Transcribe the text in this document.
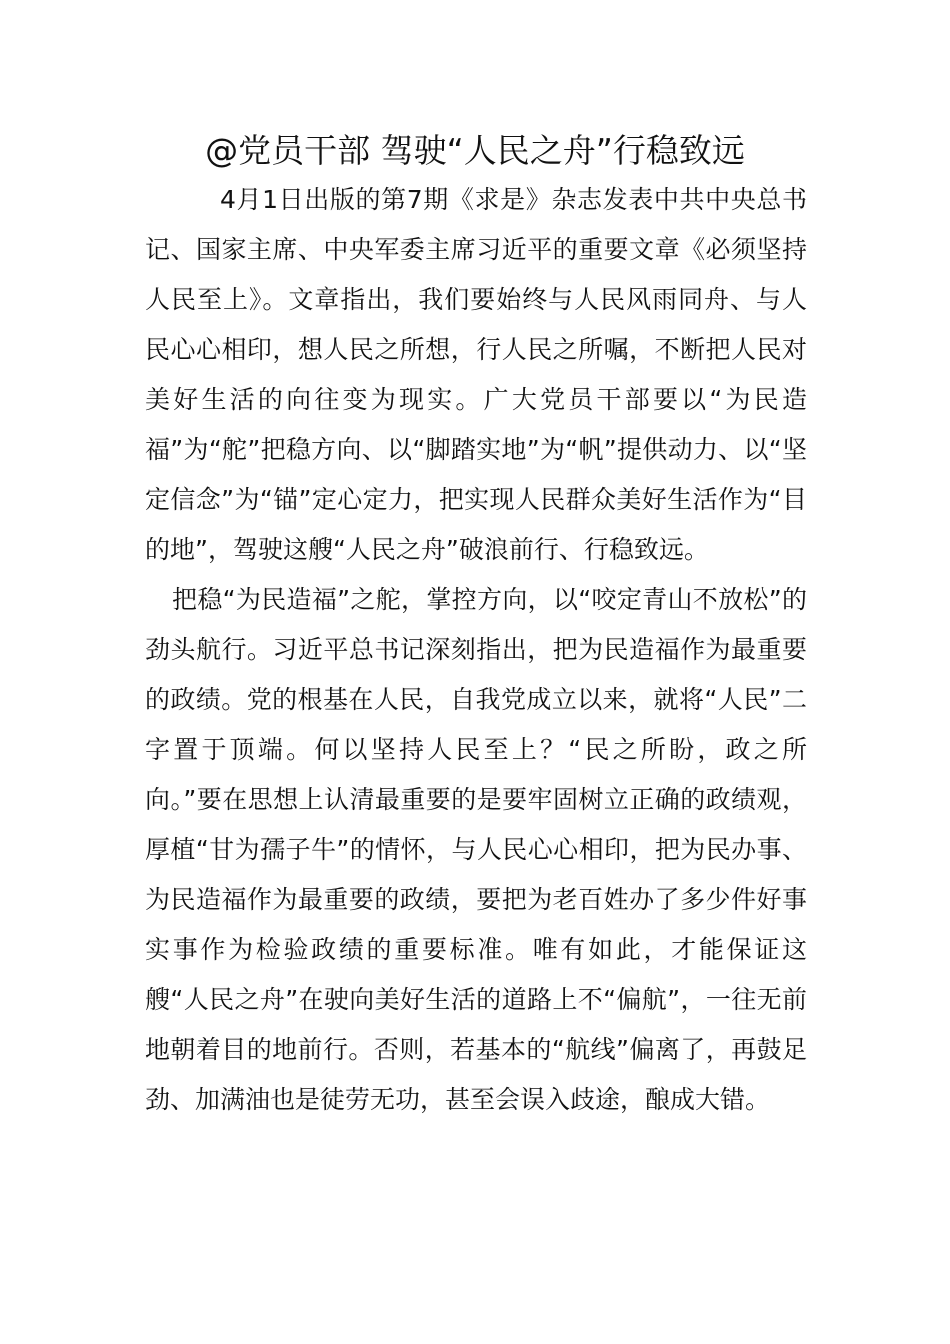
@党员干部 驾驶“人民之舟”行稳致远

4月1日出版的第7期《求是》杂志发表中共中央总书记、国家主席、中央军委主席习近平的重要文章《必须坚持人民至上》。文章指出，我们要始终与人民风雨同舟、与人民心心相印，想人民之所想，行人民之所嘱，不断把人民对美好生活的向往变为现实。广大党员干部要以“为民造福”为“舵”把稳方向、以“脚踏实地”为“帆”提供动力、以“坚定信念”为“锚”定心定力，把实现人民群众美好生活作为“目的地”，驾驶这艘“人民之舟”破浪前行、行稳致远。

把稳“为民造福”之舵，掌控方向，以“咬定青山不放松”的劲头航行。习近平总书记深刻指出，把为民造福作为最重要的政绩。党的根基在人民，自我党成立以来，就将“人民”二字置于顶端。何以坚持人民至上？“民之所盼，政之所向。”要在思想上认清最重要的是要牢固树立正确的政绩观，厚植“甘为孺子牛”的情怀，与人民心心相印，把为民办事、为民造福作为最重要的政绩，要把为老百姓办了多少件好事实事作为检验政绩的重要标准。唯有如此，才能保证这艘“人民之舟”在驶向美好生活的道路上不“偏航”，一往无前地朝着目的地前行。否则，若基本的“航线”偏离了，再鼓足劲、加满油也是徒劳无功，甚至会误入歧途，酿成大错。
